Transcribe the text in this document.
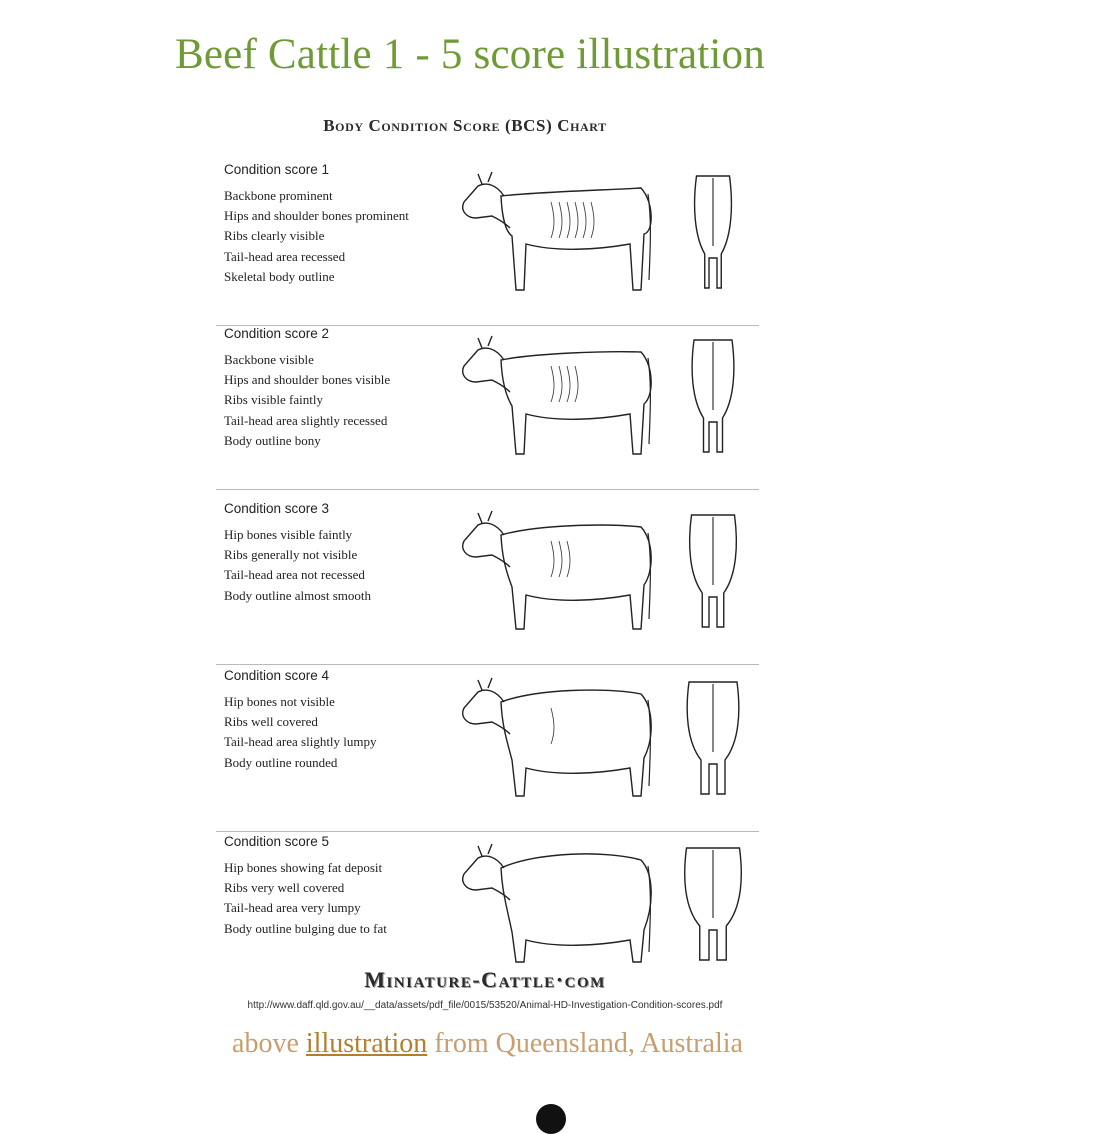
Beef Cattle 1 - 5 score illustration
Body Condition Score (BCS) Chart
Condition score 1
Backbone prominent
Hips and shoulder bones prominent
Ribs clearly visible
Tail-head area recessed
Skeletal body outline
Condition score 2
Backbone visible
Hips and shoulder bones visible
Ribs visible faintly
Tail-head area slightly recessed
Body outline bony
Condition score 3
Hip bones visible faintly
Ribs generally not visible
Tail-head area not recessed
Body outline almost smooth
Condition score 4
Hip bones not visible
Ribs well covered
Tail-head area slightly lumpy
Body outline rounded
Condition score 5
Hip bones showing fat deposit
Ribs very well covered
Tail-head area very lumpy
Body outline bulging due to fat
Miniature-Cattle·com
http://www.daff.qld.gov.au/__data/assets/pdf_file/0015/53520/Animal-HD-Investigation-Condition-scores.pdf
above illustration from Queensland, Australia
